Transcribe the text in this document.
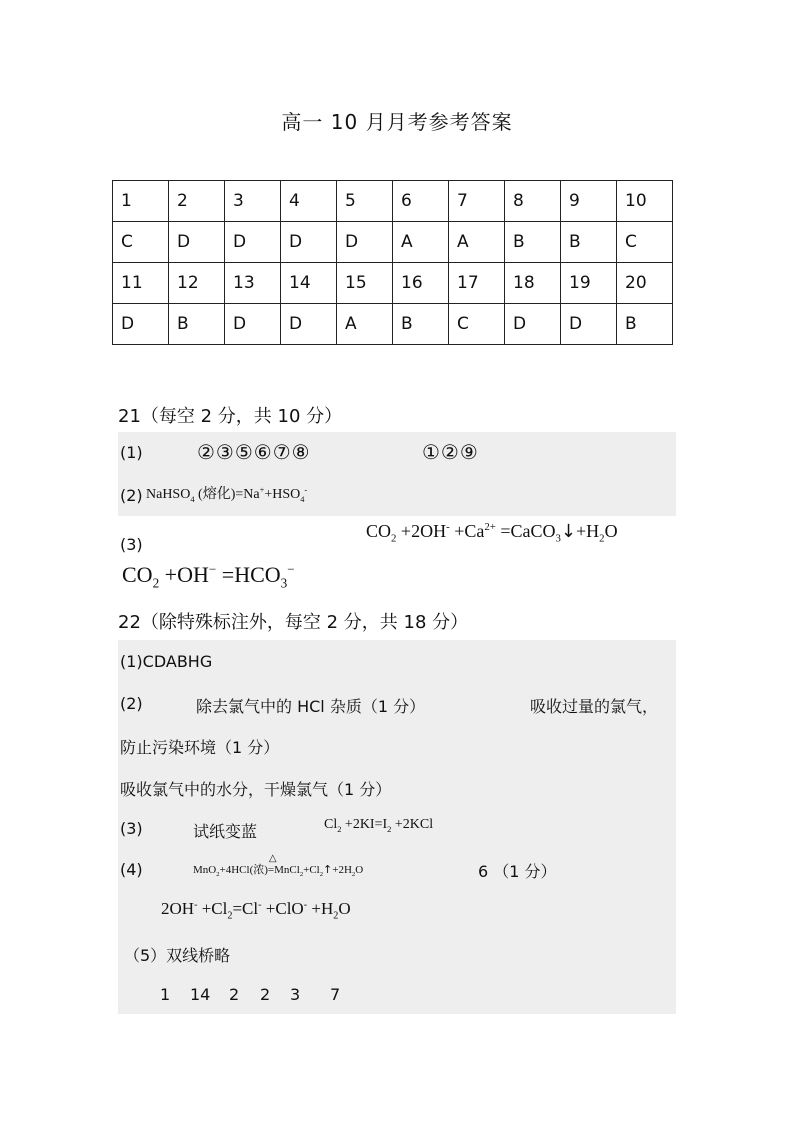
高一 10 月月考参考答案
1	2	3	4	5	6	7	8	9	10
C	D	D	D	D	A	A	B	B	C
11	12	13	14	15	16	17	18	19	20
D	B	D	D	A	B	C	D	D	B
21（每空 2 分，共 10 分）
(1)	②③⑤⑥⑦⑧	①②⑨
(2) NaHSO$_4$ (熔化)$=Na^++HSO_4^-$
(3)
$CO_2 +2OH^- +Ca^{2+}$ $=CaCO_3↓+H_2O$
$CO_2 +OH^- =HCO_3^-$
22（除特殊标注外，每空 2 分，共 18 分）
(1)CDABHG
(2)	除去氯气中的 HCl 杂质（1 分）	吸收过量的氯气，
防止污染环境（1 分）
吸收氯气中的水分，干燥氯气（1 分）
(3)	试纸变蓝	$Cl_2 +2KI=I_2 +2KCl$
(4)	MnO$_2$+4HCl(浓)
△
$=MnCl_2+Cl_2↑+2H_2O$	6 （1 分）
$2OH^- +Cl_2=Cl^- +ClO^- +H_2O$
（5）双线桥略
1 14 2 2 3 7
